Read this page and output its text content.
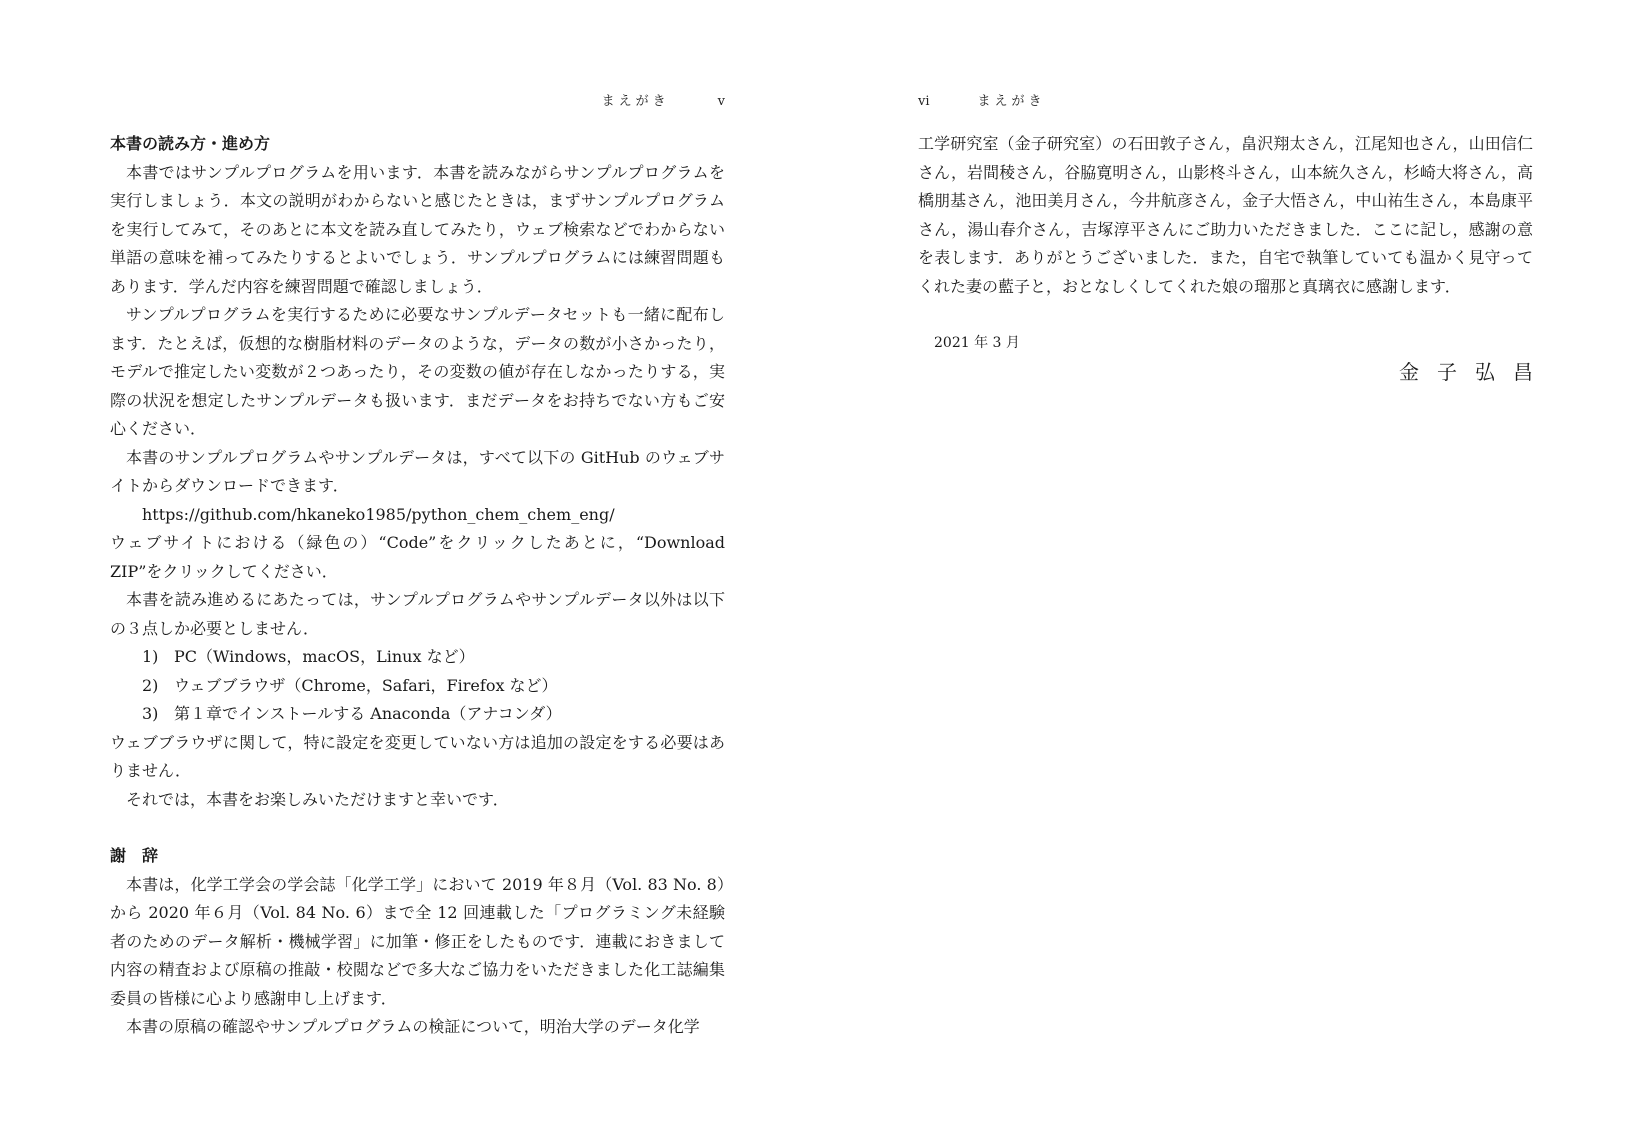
まえがき	v
本書の読み方・進め方

本書ではサンプルプログラムを用います．本書を読みながらサンプルプログラムを実行しましょう．本文の説明がわからないと感じたときは，まずサンプルプログラムを実行してみて，そのあとに本文を読み直してみたり，ウェブ検索などでわからない単語の意味を補ってみたりするとよいでしょう．サンプルプログラムには練習問題もあります．学んだ内容を練習問題で確認しましょう．

サンプルプログラムを実行するために必要なサンプルデータセットも一緒に配布します．たとえば，仮想的な樹脂材料のデータのような，データの数が小さかったり，モデルで推定したい変数が２つあったり，その変数の値が存在しなかったりする，実際の状況を想定したサンプルデータも扱います．まだデータをお持ちでない方もご安心ください．

本書のサンプルプログラムやサンプルデータは，すべて以下の GitHub のウェブサイトからダウンロードできます．

https://github.com/hkaneko1985/python_chem_chem_eng/

ウェブサイトにおける（緑色の）“Code”をクリックしたあとに，“Download ZIP”をクリックしてください．

本書を読み進めるにあたっては，サンプルプログラムやサンプルデータ以外は以下の３点しか必要としません．

1) PC（Windows，macOS，Linux など）
2) ウェブブラウザ（Chrome，Safari，Firefox など）
3) 第１章でインストールする Anaconda（アナコンダ）

ウェブブラウザに関して，特に設定を変更していない方は追加の設定をする必要はありません．

それでは，本書をお楽しみいただけますと幸いです．

謝　辞

本書は，化学工学会の学会誌「化学工学」において 2019 年８月（Vol. 83 No. 8）から 2020 年６月（Vol. 84 No. 6）まで全 12 回連載した「プログラミング未経験者のためのデータ解析・機械学習」に加筆・修正をしたものです．連載におきまして内容の精査および原稿の推敲・校閲などで多大なご協力をいただきました化工誌編集委員の皆様に心より感謝申し上げます．

本書の原稿の確認やサンプルプログラムの検証について，明治大学のデータ化学

vi	まえがき

工学研究室（金子研究室）の石田敦子さん，畠沢翔太さん，江尾知也さん，山田信仁さん，岩間稜さん，谷脇寛明さん，山影柊斗さん，山本統久さん，杉崎大将さん，高橋朋基さん，池田美月さん，今井航彦さん，金子大悟さん，中山祐生さん，本島康平さん，湯山春介さん，吉塚淳平さんにご助力いただきました．ここに記し，感謝の意を表します．ありがとうございました．また，自宅で執筆していても温かく見守ってくれた妻の藍子と，おとなしくしてくれた娘の瑠那と真璃衣に感謝します．

2021 年 3 月

金子弘昌
